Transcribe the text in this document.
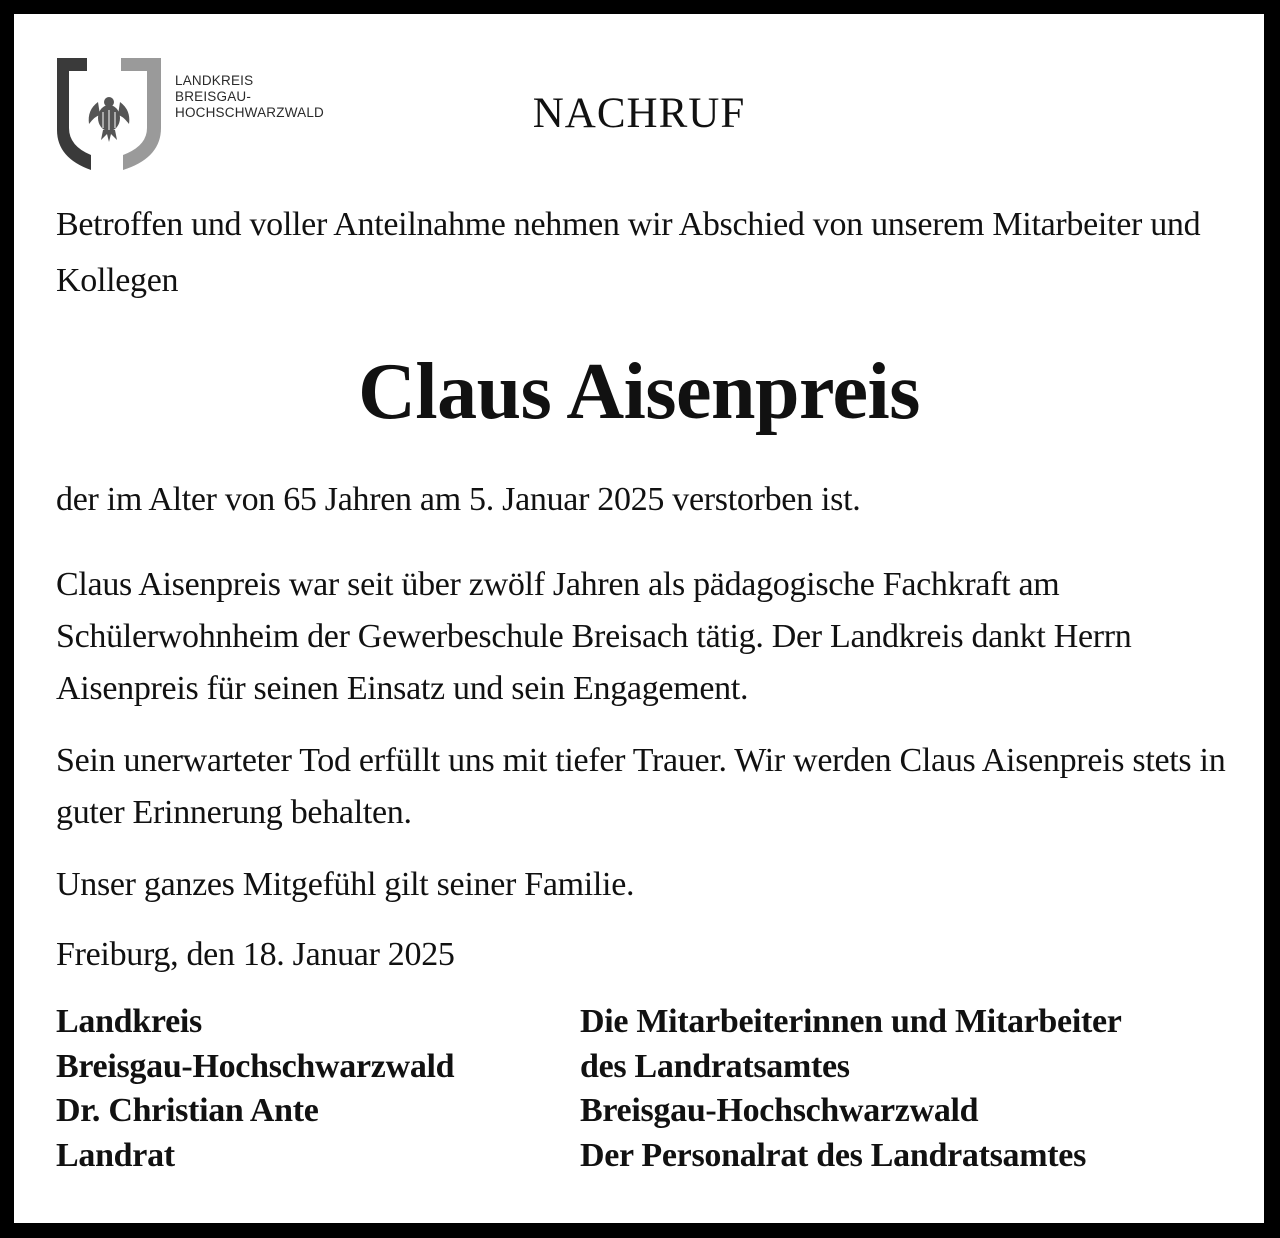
LANDKREIS
BREISGAU-
HOCHSCHWARZWALD	NACHRUF

Betroffen und voller Anteilnahme nehmen wir Abschied von unserem Mitarbeiter und Kollegen

Claus Aisenpreis

der im Alter von 65 Jahren am 5. Januar 2025 verstorben ist.

Claus Aisenpreis war seit über zwölf Jahren als pädagogische Fachkraft am Schülerwohnheim der Gewerbeschule Breisach tätig. Der Landkreis dankt Herrn Aisenpreis für seinen Einsatz und sein Engagement.

Sein unerwarteter Tod erfüllt uns mit tiefer Trauer. Wir werden Claus Aisenpreis stets in guter Erinnerung behalten.

Unser ganzes Mitgefühl gilt seiner Familie.

Freiburg, den 18. Januar 2025

Landkreis
Breisgau-Hochschwarzwald
Dr. Christian Ante
Landrat
Die Mitarbeiterinnen und Mitarbeiter
des Landratsamtes
Breisgau-Hochschwarzwald
Der Personalrat des Landratsamtes
